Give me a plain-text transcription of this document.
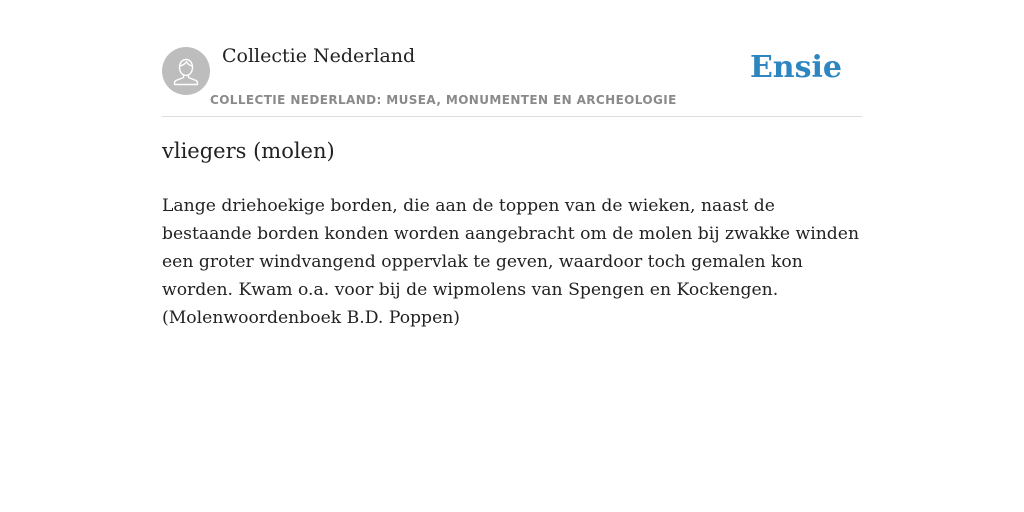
Collectie Nederland
COLLECTIE NEDERLAND: MUSEA, MONUMENTEN EN ARCHEOLOGIE
Ensie
vliegers (molen)

Lange driehoekige borden, die aan de toppen van de wieken, naast de bestaande borden konden worden aangebracht om de molen bij zwakke winden een groter windvangend oppervlak te geven, waardoor toch gemalen kon worden. Kwam o.a. voor bij de wipmolens van Spengen en Kockengen. (Molenwoordenboek B.D. Poppen)
